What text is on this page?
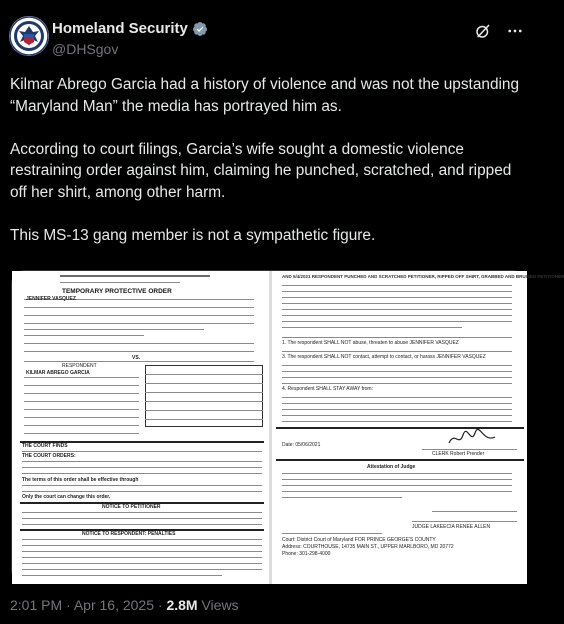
Homeland Security
@DHSgov
Kilmar Abrego Garcia had a history of violence and was not the upstanding “Maryland Man” the media has portrayed him as.
According to court filings, Garcia’s wife sought a domestic violence restraining order against him, claiming he punched, scratched, and ripped off her shirt, among other harm.
This MS-13 gang member is not a sympathetic figure.
TEMPORARY PROTECTIVE ORDER
JENNIFER VASQUEZ
VS.
RESPONDENT
KILMAR ABREGO GARCIA
THE COURT FINDS
THE COURT ORDERS:
The terms of this order shall be effective through
Only the court can change this order.
NOTICE TO PETITIONER
NOTICE TO RESPONDENT: PENALTIES
AND 5/4/2021 RESPONDENT PUNCHED AND SCRATCHED PETITIONER, RIPPED OFF SHIRT, GRABBED AND BRUISED PETITIONER
1. The respondent SHALL NOT abuse, threaten to abuse JENNIFER VASQUEZ
3. The respondent SHALL NOT contact, attempt to contact, or harass JENNIFER VASQUEZ
4. Respondent SHALL STAY AWAY from:
Date: 05/06/2021
CLERK Robert Prender
Attestation of Judge
JUDGE LAKEECIA RENEE ALLEN
Court: District Court of Maryland FOR PRINCE GEORGE'S COUNTY
Address: COURTHOUSE, 14735 MAIN ST., UPPER MARLBORO, MD 20772
Phone: 301-298-4000
2:01 PM · Apr 16, 2025 · 2.8M Views
